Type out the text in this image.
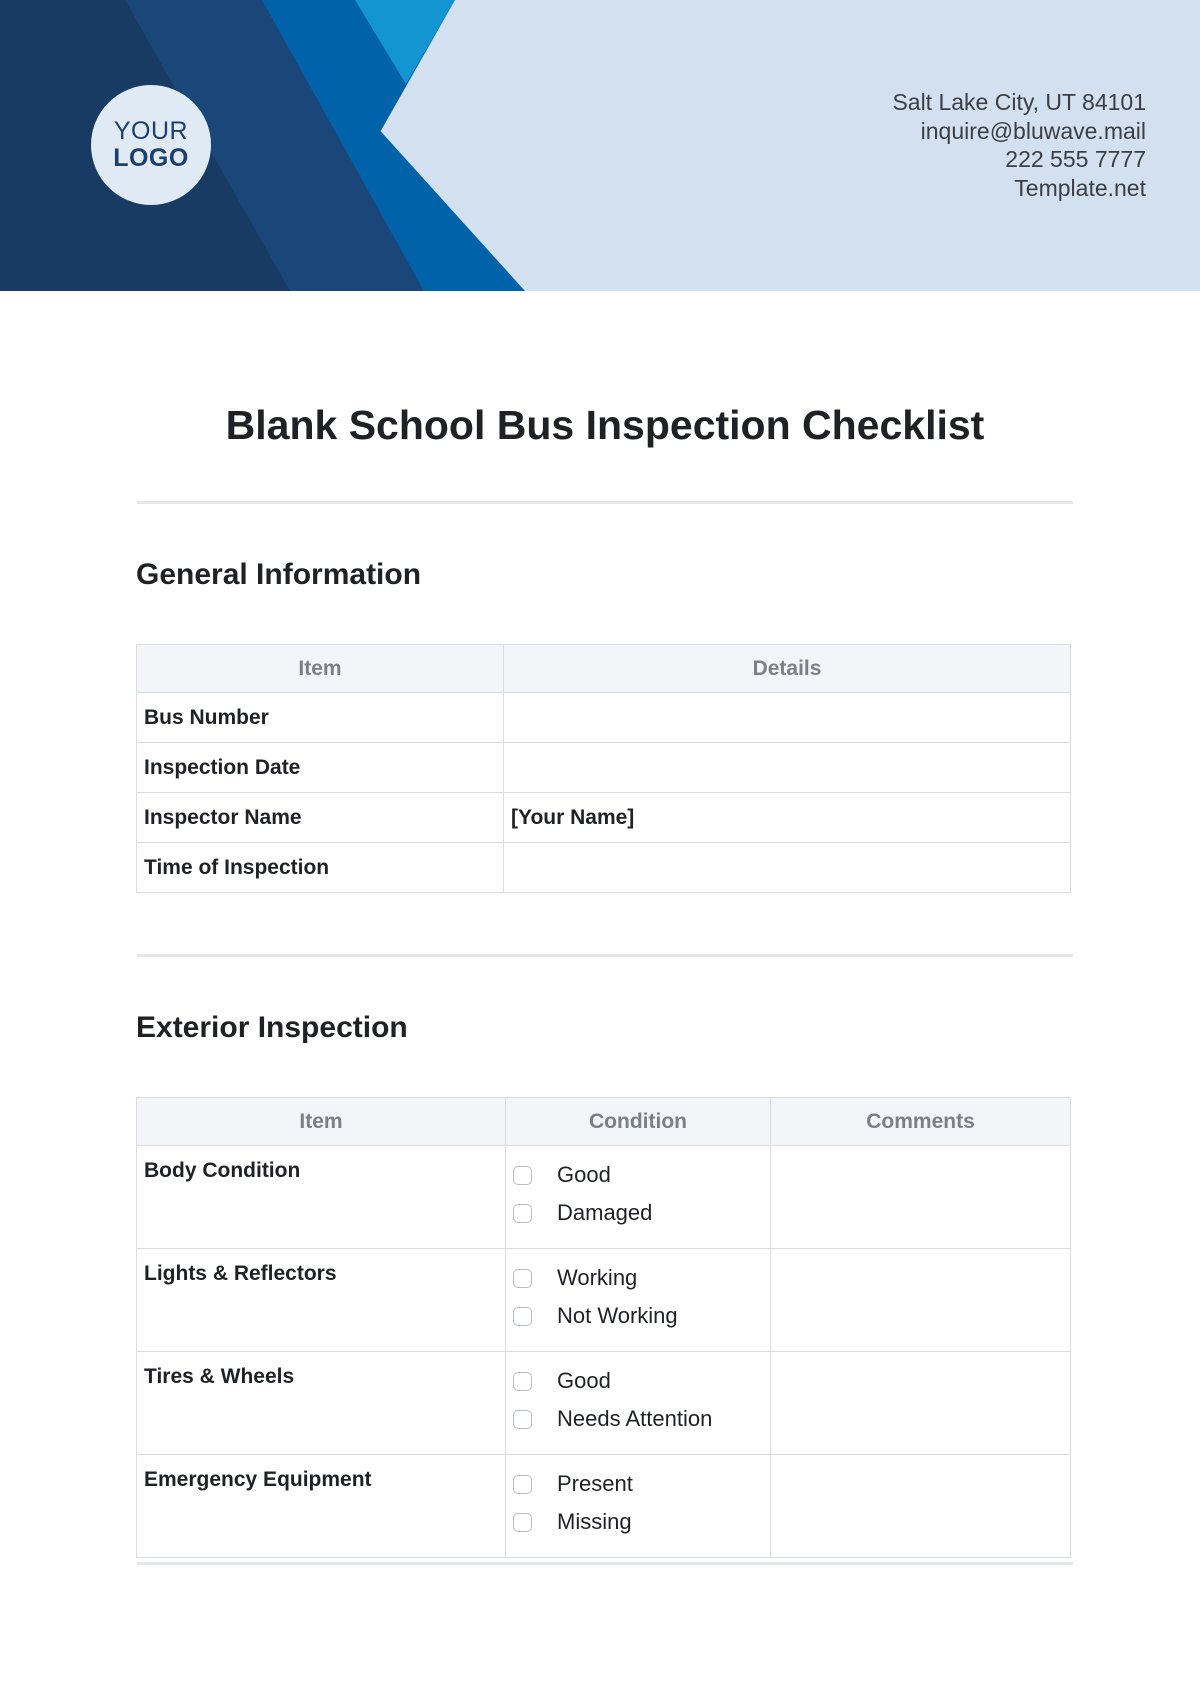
YOUR
LOGO
Salt Lake City, UT 84101
inquire@bluwave.mail
222 555 7777
Template.net
Blank School Bus Inspection Checklist
General Information
Item	Details
Bus Number	
Inspection Date	
Inspector Name	[Your Name]
Time of Inspection	
Exterior Inspection
Item	Condition	Comments
Body Condition	Good
Damaged	

Lights & Reflectors	Working
Not Working	

Tires & Wheels	Good
Needs Attention	

Emergency Equipment	Present
Missing	
